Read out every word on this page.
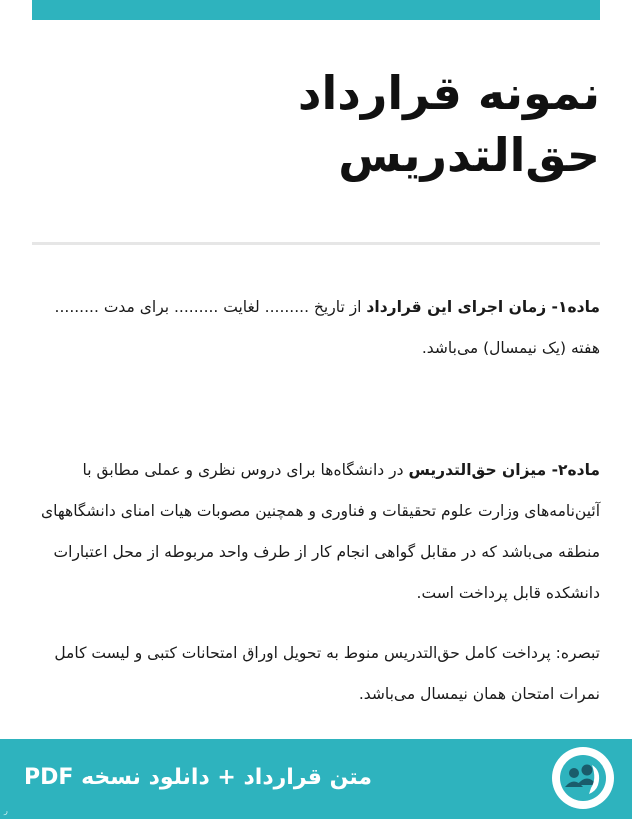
نمونه قرارداد
حق‌التدریس

ماده۱- زمان اجرای این قرارداد از تاریخ ......... لغایت ......... برای مدت .........
هفته (یک نیمسال) می‌باشد.

ماده۲- میزان حق‌التدریس در دانشگاه‌ها برای دروس نظری و عملی مطابق با آئین‌نامه‌های وزارت علوم تحقیقات و فناوری و همچنین مصوبات هیات امنای دانشگاههای منطقه می‌باشد که در مقابل گواهی انجام کار از طرف واحد مربوطه از محل اعتبارات دانشکده قابل پرداخت است.

تبصره: پرداخت کامل حق‌التدریس منوط به تحویل اوراق امتحانات کتبی و لیست کامل نمرات امتحان همان نیمسال می‌باشد.

متن قرارداد + دانلود نسخه PDF
ر
